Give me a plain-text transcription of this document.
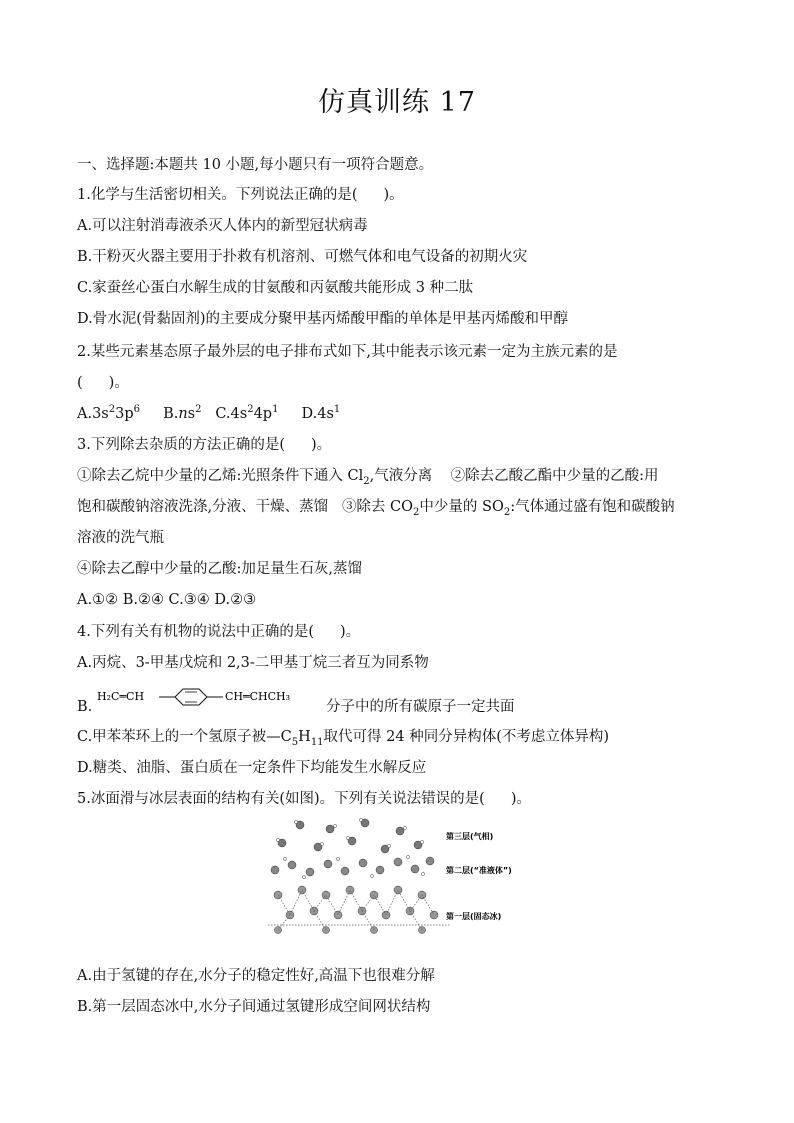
仿真训练 17
一、选择题:本题共 10 小题,每小题只有一项符合题意。
1.化学与生活密切相关。下列说法正确的是( )。
A.可以注射消毒液杀灭人体内的新型冠状病毒
B.干粉灭火器主要用于扑救有机溶剂、可燃气体和电气设备的初期火灾
C.家蚕丝心蛋白水解生成的甘氨酸和丙氨酸共能形成 3 种二肽
D.骨水泥(骨黏固剂)的主要成分聚甲基丙烯酸甲酯的单体是甲基丙烯酸和甲醇
2.某些元素基态原子最外层的电子排布式如下,其中能表示该元素一定为主族元素的是
( )。
$A.3s^23p^6$ $B.ns^2$ $C.4s^24p^1$ $D.4s^1$
3.下列除去杂质的方法正确的是( )。
①除去乙烷中少量的乙烯:光照条件下通入 $Cl_2$,气液分离 ②除去乙酸乙酯中少量的乙酸:用
饱和碳酸钠溶液洗涤,分液、干燥、蒸馏 ③除去 $CO_2$中少量的 $SO_2$:气体通过盛有饱和碳酸钠
溶液的洗气瓶
④除去乙醇中少量的乙酸:加足量生石灰,蒸馏
A.①② B.②④ C.③④ D.②③
4.下列有关有机物的说法中正确的是( )。
A.丙烷、3-甲基戊烷和 2,3-二甲基丁烷三者互为同系物
B.
H₂C═CH	CH═CHCH₃
分子中的所有碳原子一定共面
C.甲苯苯环上的一个氢原子被$—C_5H_{11}$取代可得 24 种同分异构体(不考虑立体异构)
D.糖类、油脂、蛋白质在一定条件下均能发生水解反应
5.冰面滑与冰层表面的结构有关(如图)。下列有关说法错误的是( )。
第三层(气相)
第二层(“准液体”)
第一层(固态冰)
A.由于氢键的存在,水分子的稳定性好,高温下也很难分解
B.第一层固态冰中,水分子间通过氢键形成空间网状结构
